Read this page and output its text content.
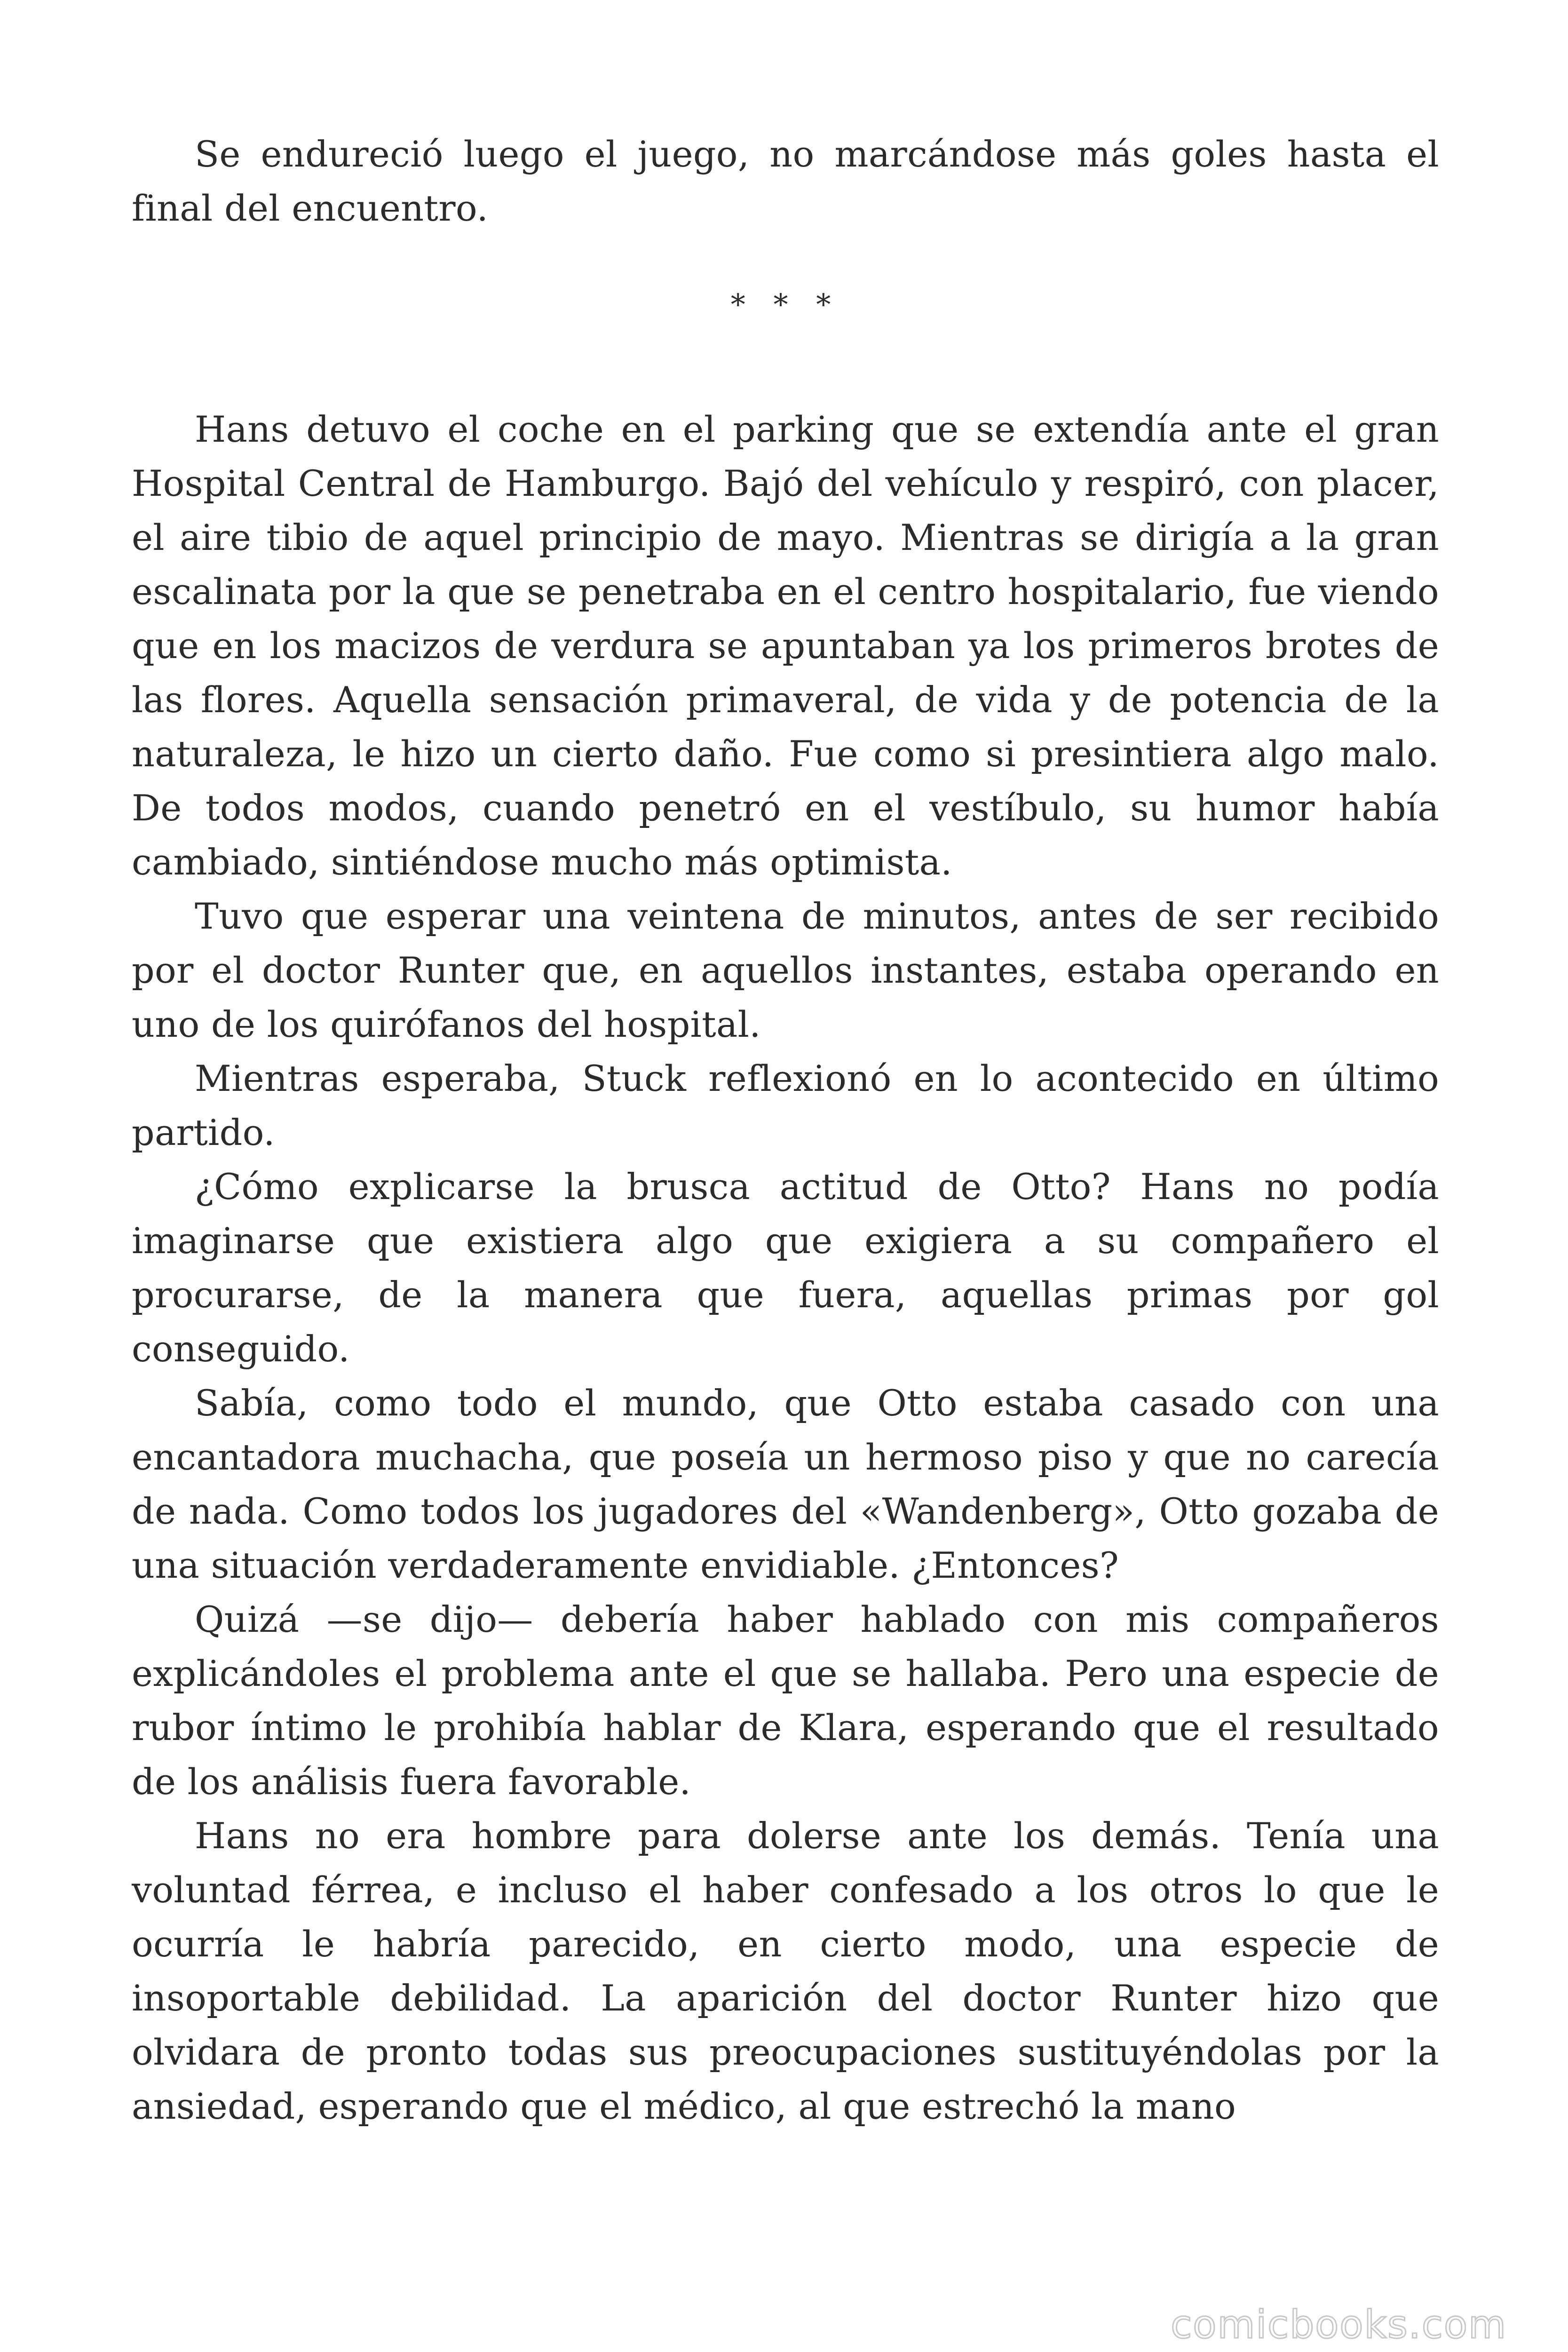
Se endureció luego el juego, no marcándose más goles hasta el final del encuentro.

* * *

Hans detuvo el coche en el parking que se extendía ante el gran Hospital Central de Hamburgo. Bajó del vehículo y respiró, con placer, el aire tibio de aquel principio de mayo. Mientras se dirigía a la gran escalinata por la que se penetraba en el centro hospitalario, fue viendo que en los macizos de verdura se apuntaban ya los primeros brotes de las flores. Aquella sensación primaveral, de vida y de potencia de la naturaleza, le hizo un cierto daño. Fue como si presintiera algo malo. De todos modos, cuando penetró en el vestíbulo, su humor había cambiado, sintiéndose mucho más optimista.

Tuvo que esperar una veintena de minutos, antes de ser recibido por el doctor Runter que, en aquellos instantes, estaba operando en uno de los quirófanos del hospital.

Mientras esperaba, Stuck reflexionó en lo acontecido en último partido.

¿Cómo explicarse la brusca actitud de Otto? Hans no podía imaginarse que existiera algo que exigiera a su compañero el procurarse, de la manera que fuera, aquellas primas por gol conseguido.

Sabía, como todo el mundo, que Otto estaba casado con una encantadora muchacha, que poseía un hermoso piso y que no carecía de nada. Como todos los jugadores del «Wandenberg», Otto gozaba de una situación verdaderamente envidiable. ¿Entonces?

Quizá —se dijo— debería haber hablado con mis compañeros explicándoles el problema ante el que se hallaba. Pero una especie de rubor íntimo le prohibía hablar de Klara, esperando que el resultado de los análisis fuera favorable.

Hans no era hombre para dolerse ante los demás. Tenía una voluntad férrea, e incluso el haber confesado a los otros lo que le ocurría le habría parecido, en cierto modo, una especie de insoportable debilidad. La aparición del doctor Runter hizo que olvidara de pronto todas sus preocupaciones sustituyéndolas por la ansiedad, esperando que el médico, al que estrechó la mano

comicbooks.com
